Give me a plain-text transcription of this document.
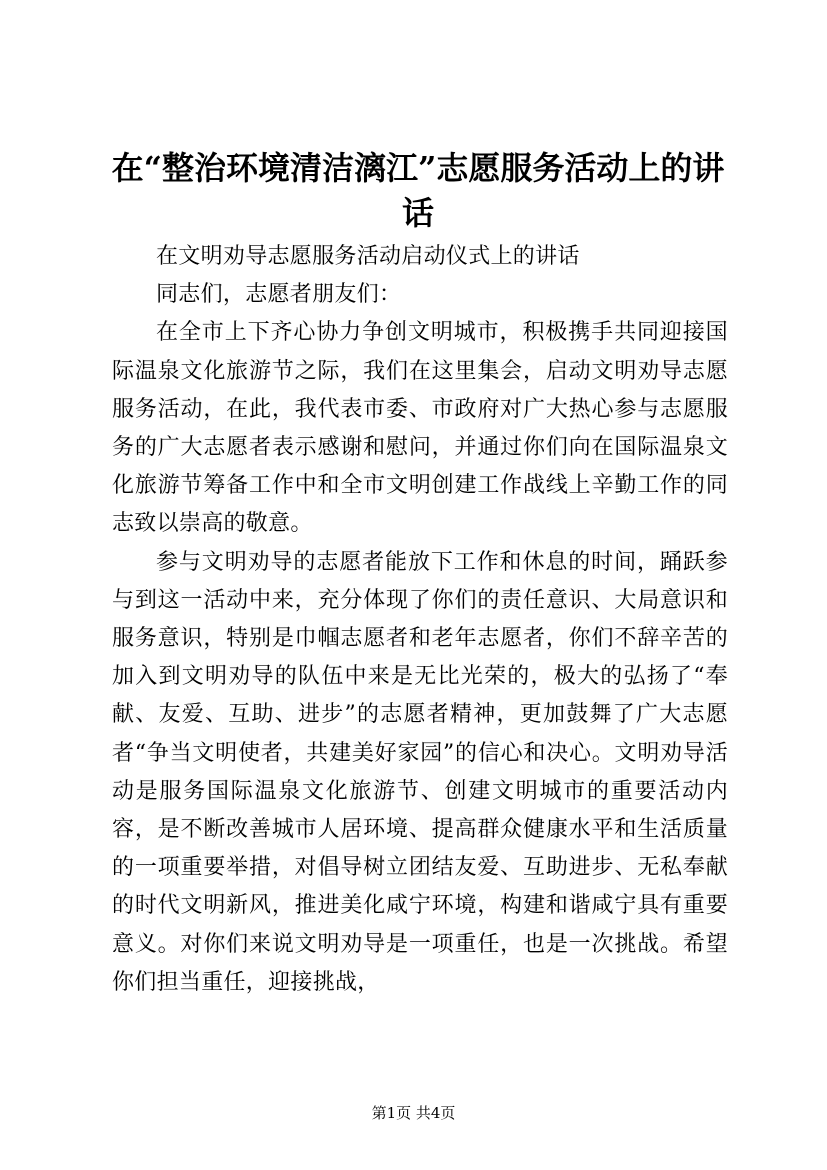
在“整治环境清洁漓江”志愿服务活动上的讲话

在文明劝导志愿服务活动启动仪式上的讲话

同志们，志愿者朋友们：

在全市上下齐心协力争创文明城市，积极携手共同迎接国际温泉文化旅游节之际，我们在这里集会，启动文明劝导志愿服务活动，在此，我代表市委、市政府对广大热心参与志愿服务的广大志愿者表示感谢和慰问，并通过你们向在国际温泉文化旅游节筹备工作中和全市文明创建工作战线上辛勤工作的同志致以崇高的敬意。

参与文明劝导的志愿者能放下工作和休息的时间，踊跃参与到这一活动中来，充分体现了你们的责任意识、大局意识和服务意识，特别是巾帼志愿者和老年志愿者，你们不辞辛苦的加入到文明劝导的队伍中来是无比光荣的，极大的弘扬了“奉献、友爱、互助、进步”的志愿者精神，更加鼓舞了广大志愿者“争当文明使者，共建美好家园”的信心和决心。文明劝导活动是服务国际温泉文化旅游节、创建文明城市的重要活动内容，是不断改善城市人居环境、提高群众健康水平和生活质量的一项重要举措，对倡导树立团结友爱、互助进步、无私奉献的时代文明新风，推进美化咸宁环境，构建和谐咸宁具有重要意义。对你们来说文明劝导是一项重任，也是一次挑战。希望你们担当重任，迎接挑战，

第1页 共4页
